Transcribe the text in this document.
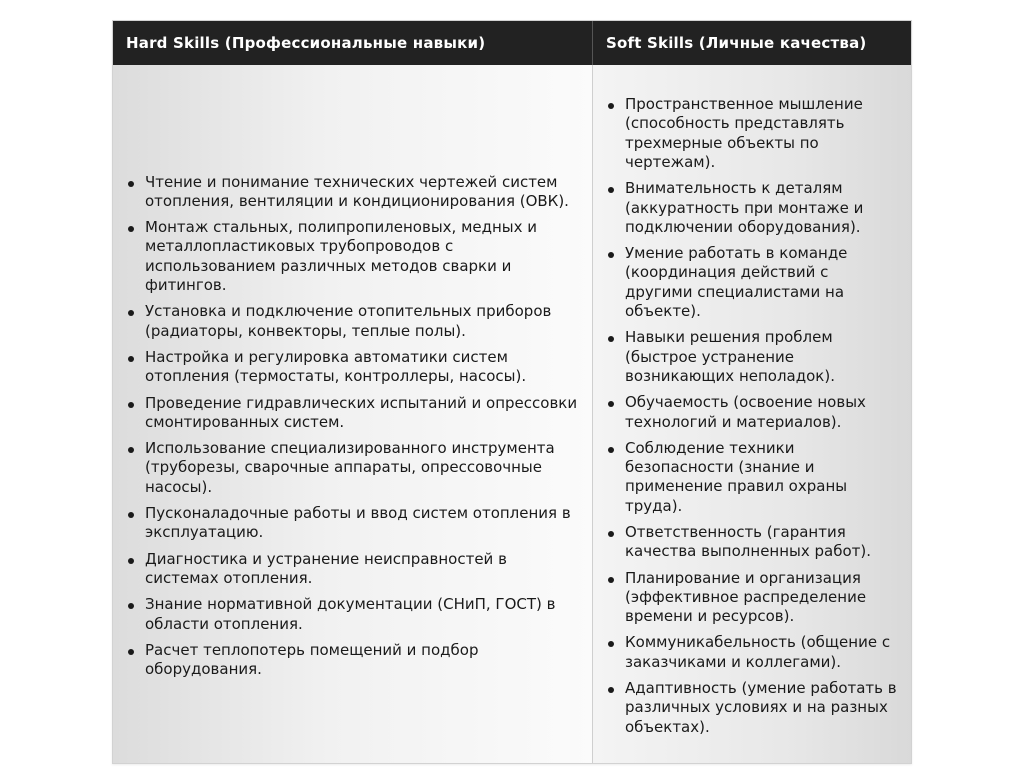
Hard Skills (Профессиональные навыки)	Soft Skills (Личные качества)
Чтение и понимание технических чертежей систем отопления, вентиляции и кондиционирования (ОВК).
Монтаж стальных, полипропиленовых, медных и металлопластиковых трубопроводов с использованием различных методов сварки и фитингов.
Установка и подключение отопительных приборов (радиаторы, конвекторы, теплые полы).
Настройка и регулировка автоматики систем отопления (термостаты, контроллеры, насосы).
Проведение гидравлических испытаний и опрессовки смонтированных систем.
Использование специализированного инструмента (труборезы, сварочные аппараты, опрессовочные насосы).
Пусконаладочные работы и ввод систем отопления в эксплуатацию.
Диагностика и устранение неисправностей в системах отопления.
Знание нормативной документации (СНиП, ГОСТ) в области отопления.
Расчет теплопотерь помещений и подбор оборудования.
Пространственное мышление (способность представлять трехмерные объекты по чертежам).
Внимательность к деталям (аккуратность при монтаже и подключении оборудования).
Умение работать в команде (координация действий с другими специалистами на объекте).
Навыки решения проблем (быстрое устранение возникающих неполадок).
Обучаемость (освоение новых технологий и материалов).
Соблюдение техники безопасности (знание и применение правил охраны труда).
Ответственность (гарантия качества выполненных работ).
Планирование и организация (эффективное распределение времени и ресурсов).
Коммуникабельность (общение с заказчиками и коллегами).
Адаптивность (умение работать в различных условиях и на разных объектах).
